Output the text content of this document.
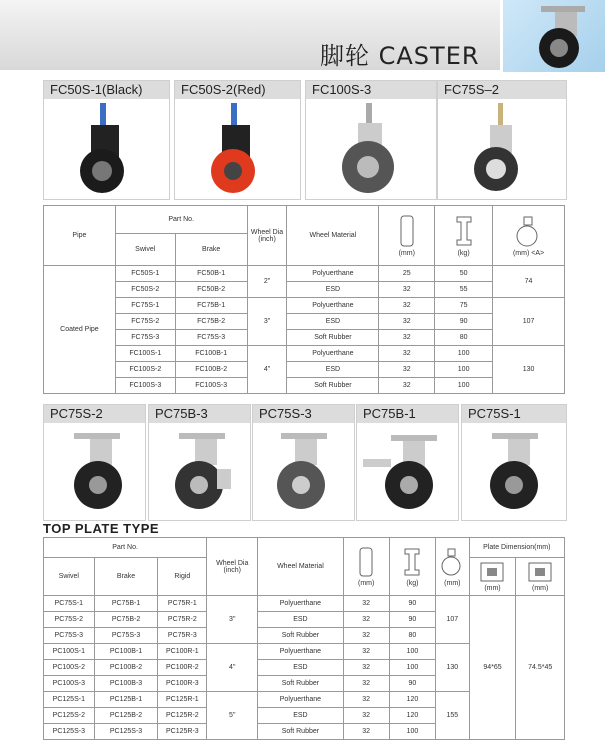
脚轮 CASTER
FC50S-1(Black)	FC50S-2(Red)	FC100S-3	FC75S–2
Pipe	Part No.		Wheel Dia (inch)	Wheel Material	(mm)	(kg)	(mm) <A>

	Swivel	Brake					
Coated Pipe	FC50S-1	FC50B-1	2"	Polyuerthane	25	50	74
	FC50S-2	FC50B-2		ESD	32	55	
	FC75S-1	FC75B-1	3"	Polyuerthane	32	75	107
	FC75S-2	FC75B-2		ESD	32	90	
	FC75S-3	FC75S-3		Soft Rubber	32	80	
	FC100S-1	FC100B-1	4"	Polyuerthane	32	100	130
	FC100S-2	FC100B-2		ESD	32	100	
	FC100S-3	FC100S-3		Soft Rubber	32	100	
PC75S-2	PC75B-3	PC75S-3	PC75B-1	PC75S-1
TOP PLATE TYPE
Part No.			Wheel Dia (inch)	Wheel Material	(mm)	(kg)	(mm)	Plate Dimension(mm)	
Swivel	Brake	Rigid						(mm)	(mm)

PC75S-1	PC75B-1	PC75R-1	3"	Polyuerthane	32	90	107	94*65	74.5*45
PC75S-2	PC75B-2	PC75R-2		ESD	32	90			
PC75S-3	PC75S-3	PC75R-3		Soft Rubber	32	80			
PC100S-1	PC100B-1	PC100R-1	4"	Polyuerthane	32	100	130		
PC100S-2	PC100B-2	PC100R-2		ESD	32	100			
PC100S-3	PC100B-3	PC100R-3		Soft Rubber	32	90			
PC125S-1	PC125B-1	PC125R-1	5"	Polyuerthane	32	120	155		
PC125S-2	PC125B-2	PC125R-2		ESD	32	120			
PC125S-3	PC125S-3	PC125R-3		Soft Rubber	32	100			
